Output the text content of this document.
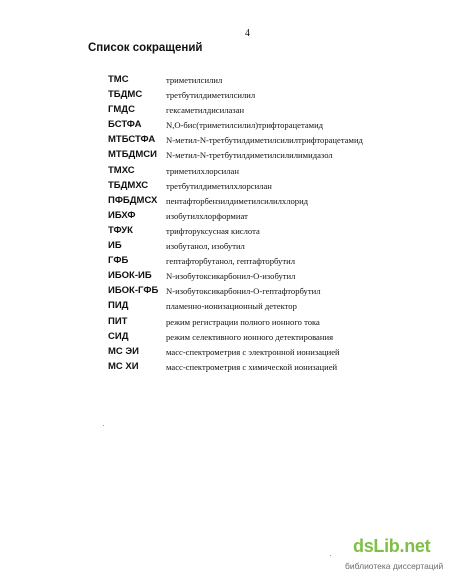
4
Список сокращений
ТМС	триметилсилил
ТБДМС	третбутилдиметилсилил
ГМДС	гексаметилдисилазан
БСТФА	N,O-бис(триметилсилил)трифторацетамид
МТБСТФА N-метил-N-третбутилдиметилсилилтрифторацетамид
МТБДМСИ N-метил-N-третбутилдиметилсилилимидазол
ТМХС	триметилхлорсилан
ТБДМХС третбутилдиметилхлорсилан
ПФБДМСХ пентафторбензилдиметилсилилхлорид
ИБХФ	изобутилхлорформиат
ТФУК	трифторуксусная кислота
ИБ	изобутанол, изобутил
ГФБ	гептафторбутанол, гептафторбутил
ИБОК-ИБ N-изобутоксикарбонил-O-изобутил
ИБОК-ГФБ N-изобутоксикарбонил-O-гептафторбутил
ПИД	пламенно-ионизационный детектор
ПИТ	режим регистрации полного ионного тока
СИД	режим селективного ионного детектирования
МС ЭИ	масс-спектрометрия с электронной ионизацией
МС ХИ	масс-спектрометрия с химической ионизацией
dsLib.net
библиотека диссертаций
